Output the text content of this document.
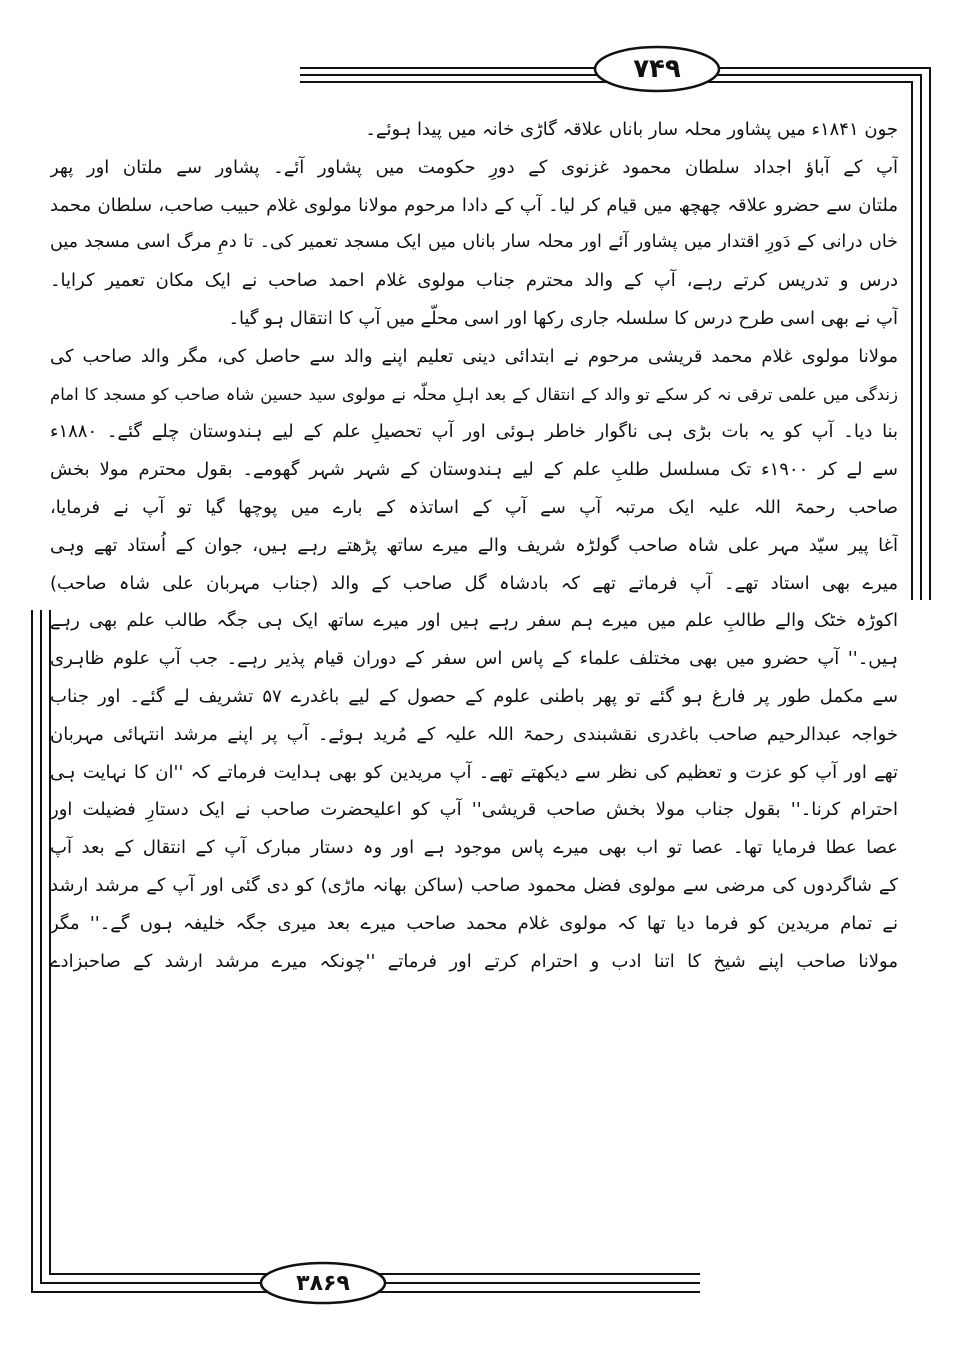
۷۴۹
۳۸۶۹
جون ۱۸۴۱ء میں پشاور محلہ سار باناں علاقہ گاڑی خانہ میں پیدا ہوئے۔
آپ کے آباؤ اجداد سلطان محمود غزنوی کے دورِ حکومت میں پشاور آئے۔ پشاور سے ملتان اور پھر
ملتان سے حضرو علاقہ چھچھ میں قیام کر لیا۔ آپ کے دادا مرحوم مولانا مولوی غلام حبیب صاحب، سلطان محمد
خاں درانی کے دَورِ اقتدار میں پشاور آئے اور محلہ سار باناں میں ایک مسجد تعمیر کی۔ تا دمِ مرگ اسی مسجد میں
درس و تدریس کرتے رہے، آپ کے والد محترم جناب مولوی غلام احمد صاحب نے ایک مکان تعمیر کرایا۔
آپ نے بھی اسی طرح درس کا سلسلہ جاری رکھا اور اسی محلّے میں آپ کا انتقال ہو گیا۔
مولانا مولوی غلام محمد قریشی مرحوم نے ابتدائی دینی تعلیم اپنے والد سے حاصل کی، مگر والد صاحب کی
زندگی میں علمی ترقی نہ کر سکے تو والد کے انتقال کے بعد اہلِ محلّہ نے مولوی سید حسین شاہ صاحب کو مسجد کا امام
بنا دیا۔ آپ کو یہ بات بڑی ہی ناگوار خاطر ہوئی اور آپ تحصیلِ علم کے لیے ہندوستان چلے گئے۔ ۱۸۸۰ء
سے لے کر ۱۹۰۰ء تک مسلسل طلبِ علم کے لیے ہندوستان کے شہر شہر گھومے۔ بقول محترم مولا بخش
صاحب رحمۃ اللہ علیہ ایک مرتبہ آپ سے آپ کے اساتذہ کے بارے میں پوچھا گیا تو آپ نے فرمایا،
آغا پیر سیّد مہر علی شاہ صاحب گولڑہ شریف والے میرے ساتھ پڑھتے رہے ہیں، جوان کے اُستاد تھے وہی
میرے بھی استاد تھے۔ آپ فرماتے تھے کہ بادشاہ گل صاحب کے والد (جناب مہربان علی شاہ صاحب)
اکوڑہ خٹک والے طالبِ علم میں میرے ہم سفر رہے ہیں اور میرے ساتھ ایک ہی جگہ طالب علم بھی رہے
ہیں۔'' آپ حضرو میں بھی مختلف علماء کے پاس اس سفر کے دوران قیام پذیر رہے۔ جب آپ علوم ظاہری
سے مکمل طور پر فارغ ہو گئے تو پھر باطنی علوم کے حصول کے لیے باغدرے ۵۷ تشریف لے گئے۔ اور جناب
خواجہ عبدالرحیم صاحب باغدری نقشبندی رحمۃ اللہ علیہ کے مُرید ہوئے۔ آپ پر اپنے مرشد انتہائی مہربان
تھے اور آپ کو عزت و تعظیم کی نظر سے دیکھتے تھے۔ آپ مریدین کو بھی ہدایت فرماتے کہ ''ان کا نہایت ہی
احترام کرنا۔'' بقول جناب مولا بخش صاحب قریشی'' آپ کو اعلیحضرت صاحب نے ایک دستارِ فضیلت اور
عصا عطا فرمایا تھا۔ عصا تو اب بھی میرے پاس موجود ہے اور وہ دستار مبارک آپ کے انتقال کے بعد آپ
کے شاگردوں کی مرضی سے مولوی فضل محمود صاحب (ساکن بھانہ ماڑی) کو دی گئی اور آپ کے مرشد ارشد
نے تمام مریدین کو فرما دیا تھا کہ مولوی غلام محمد صاحب میرے بعد میری جگہ خلیفہ ہوں گے۔'' مگر
مولانا صاحب اپنے شیخ کا اتنا ادب و احترام کرتے اور فرماتے ''چونکہ میرے مرشد ارشد کے صاحبزادے
